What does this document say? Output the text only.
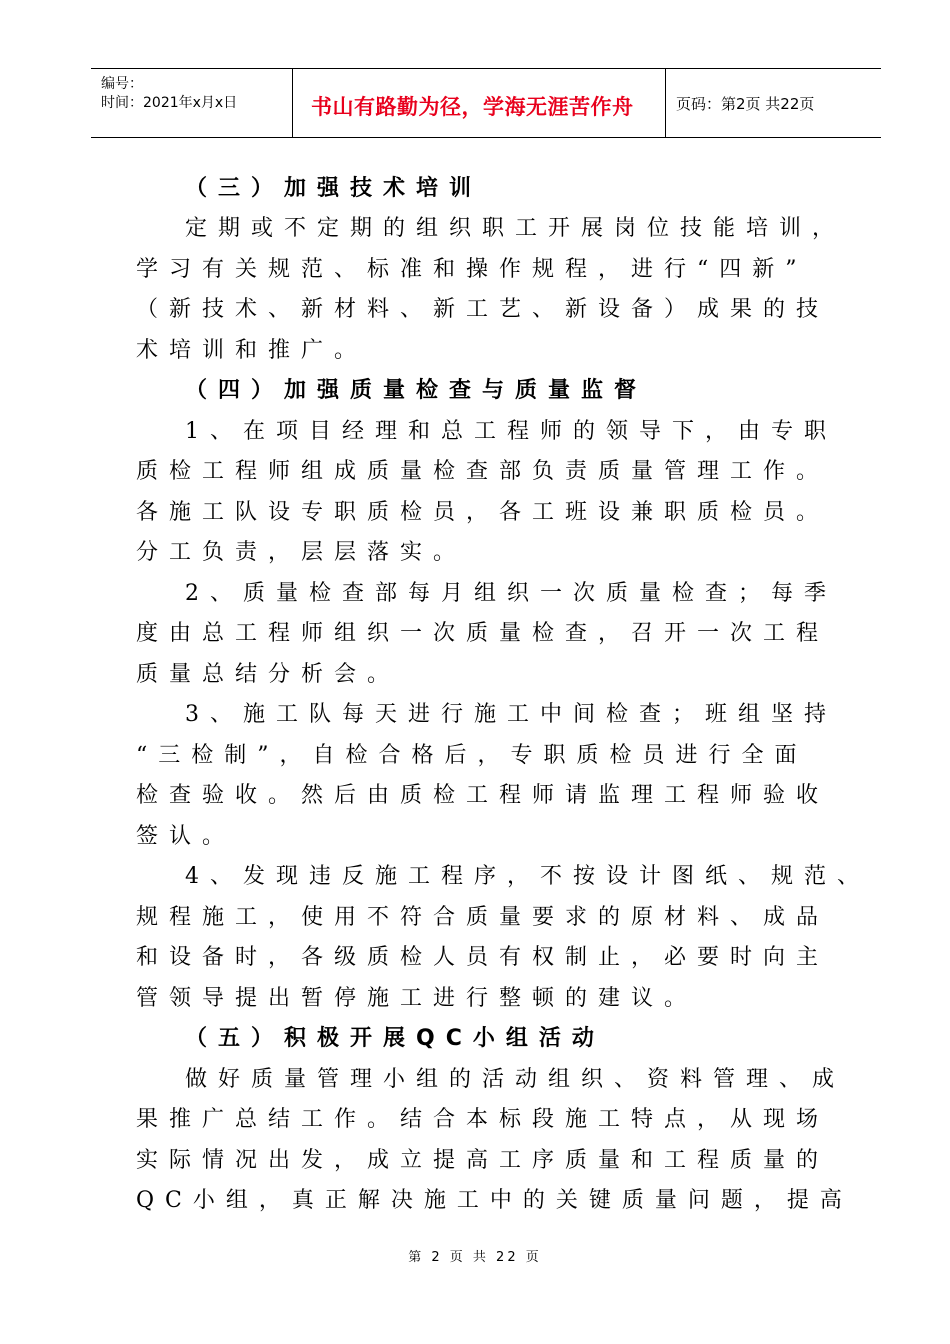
编号：
时间：2021年x月x日	书山有路勤为径，学海无涯苦作舟	页码：第2页 共22页
（三）加强技术培训
定期或不定期的组织职工开展岗位技能培训，
学习有关规范、标准和操作规程，进行“四新”
（新技术、新材料、新工艺、新设备）成果的技
术培训和推广。
（四）加强质量检查与质量监督
1、在项目经理和总工程师的领导下，由专职
质检工程师组成质量检查部负责质量管理工作。
各施工队设专职质检员，各工班设兼职质检员。
分工负责，层层落实。
2、质量检查部每月组织一次质量检查；每季
度由总工程师组织一次质量检查，召开一次工程
质量总结分析会。
3、施工队每天进行施工中间检查；班组坚持
“三检制”，自检合格后，专职质检员进行全面
检查验收。然后由质检工程师请监理工程师验收
签认。
4、发现违反施工程序，不按设计图纸、规范、
规程施工，使用不符合质量要求的原材料、成品
和设备时，各级质检人员有权制止，必要时向主
管领导提出暂停施工进行整顿的建议。
（五）积极开展QC小组活动
做好质量管理小组的活动组织、资料管理、成
果推广总结工作。结合本标段施工特点，从现场
实际情况出发，成立提高工序质量和工程质量的
QC小组，真正解决施工中的关键质量问题，提高
第 2 页 共 22 页
